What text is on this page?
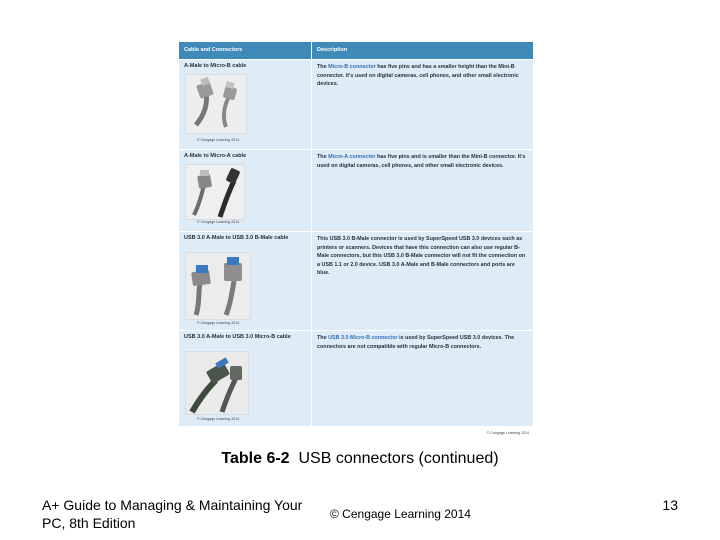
Cable and Connectors	Description
A-Male to Micro-B cable
© Cengage Learning 2014
The Micro-B connector has five pins and has a smaller height than the Mini-B connector. It's used on digital cameras, cell phones, and other small electronic devices.
A-Male to Micro-A cable
© Cengage Learning 2014
The Micro-A connector has five pins and is smaller than the Mini-B connector. It's used on digital cameras, cell phones, and other small electronic devices.
USB 3.0 A-Male to USB 3.0 B-Male cable
© Cengage Learning 2014
This USB 3.0 B-Male connector is used by SuperSpeed USB 3.0 devices such as printers or scanners. Devices that have this connection can also use regular B-Male connectors, but this USB 3.0 B-Male connector will not fit the connection on a USB 1.1 or 2.0 device. USB 3.0 A-Male and B-Male connectors and ports are blue.
USB 3.0 A-Male to USB 3.0 Micro-B cable
© Cengage Learning 2014
The USB 3.0 Micro-B connector is used by SuperSpeed USB 3.0 devices. The connectors are not compatible with regular Micro-B connectors.
© Cengage Learning 2014
Table 6-2 USB connectors (continued)
A+ Guide to Managing & Maintaining Your PC, 8th Edition
© Cengage Learning 2014
13
